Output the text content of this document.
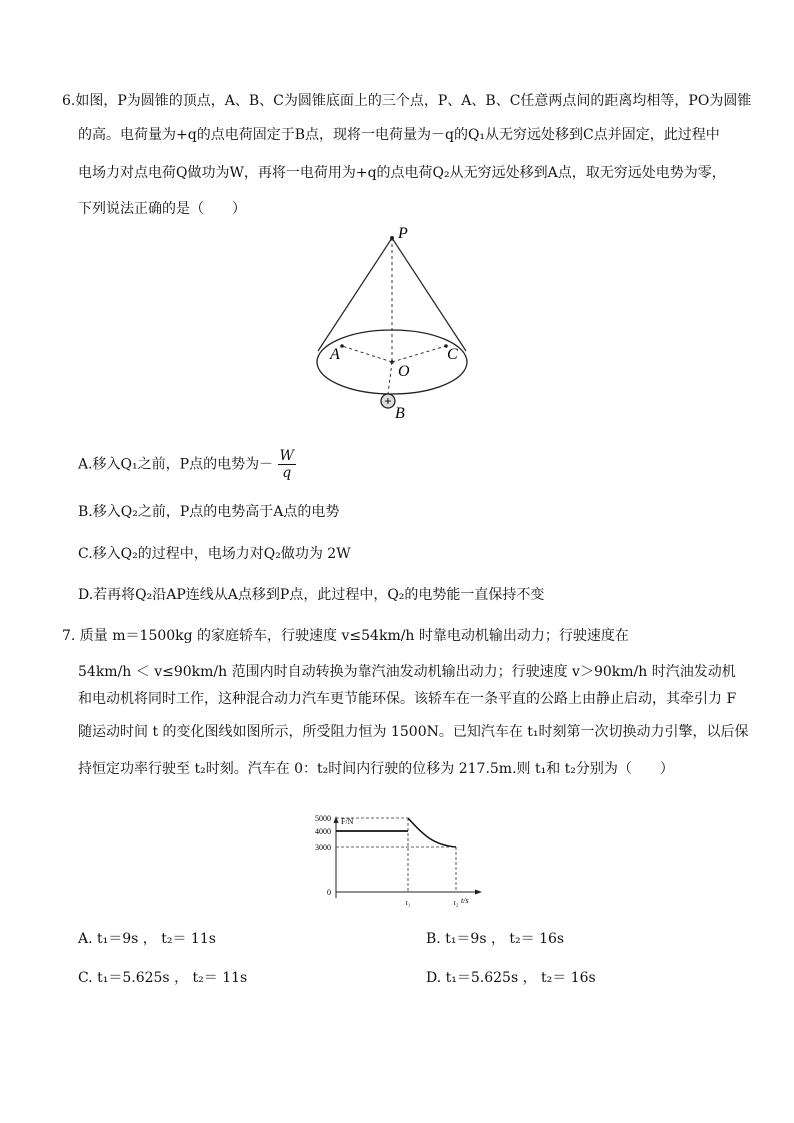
6.如图，P为圆锥的顶点，A、B、C为圆锥底面上的三个点，P、A、B、C任意两点间的距离均相等，PO为圆锥
的高。电荷量为+q的点电荷固定于B点，现将一电荷量为－q的Q₁从无穷远处移到C点并固定，此过程中
电场力对点电荷Q做功为W，再将一电荷用为+q的点电荷Q₂从无穷远处移到A点，取无穷远处电势为零，
下列说法正确的是（　　）
+
P
A	C
O
B
A.移入Q₁之前，P点的电势为－ $\frac{W}{q}$
B.移入Q₂之前，P点的电势高于A点的电势
C.移入Q₂的过程中，电场力对Q₂做功为 2W
D.若再将Q₂沿AP连线从A点移到P点，此过程中，Q₂的电势能一直保持不变
7. 质量 m＝1500kg 的家庭轿车，行驶速度 v≤54km/h 时靠电动机输出动力；行驶速度在
54km/h ＜ v≤90km/h 范围内时自动转换为靠汽油发动机输出动力；行驶速度 v＞90km/h 时汽油发动机
和电动机将同时工作，这种混合动力汽车更节能环保。该轿车在一条平直的公路上由静止启动，其牵引力 F
随运动时间 t 的变化图线如图所示，所受阻力恒为 1500N。已知汽车在 t₁时刻第一次切换动力引擎，以后保
持恒定功率行驶至 t₂时刻。汽车在 0：t₂时间内行驶的位移为 217.5m.则 t₁和 t₂分别为（　　）
F/N
t/s
5000
4000
3000
0
t₁	t₂
A. t₁＝9s ， t₂＝ 11s	B. t₁＝9s ， t₂＝ 16s
C. t₁＝5.625s ， t₂＝ 11s	D. t₁＝5.625s ， t₂＝ 16s
